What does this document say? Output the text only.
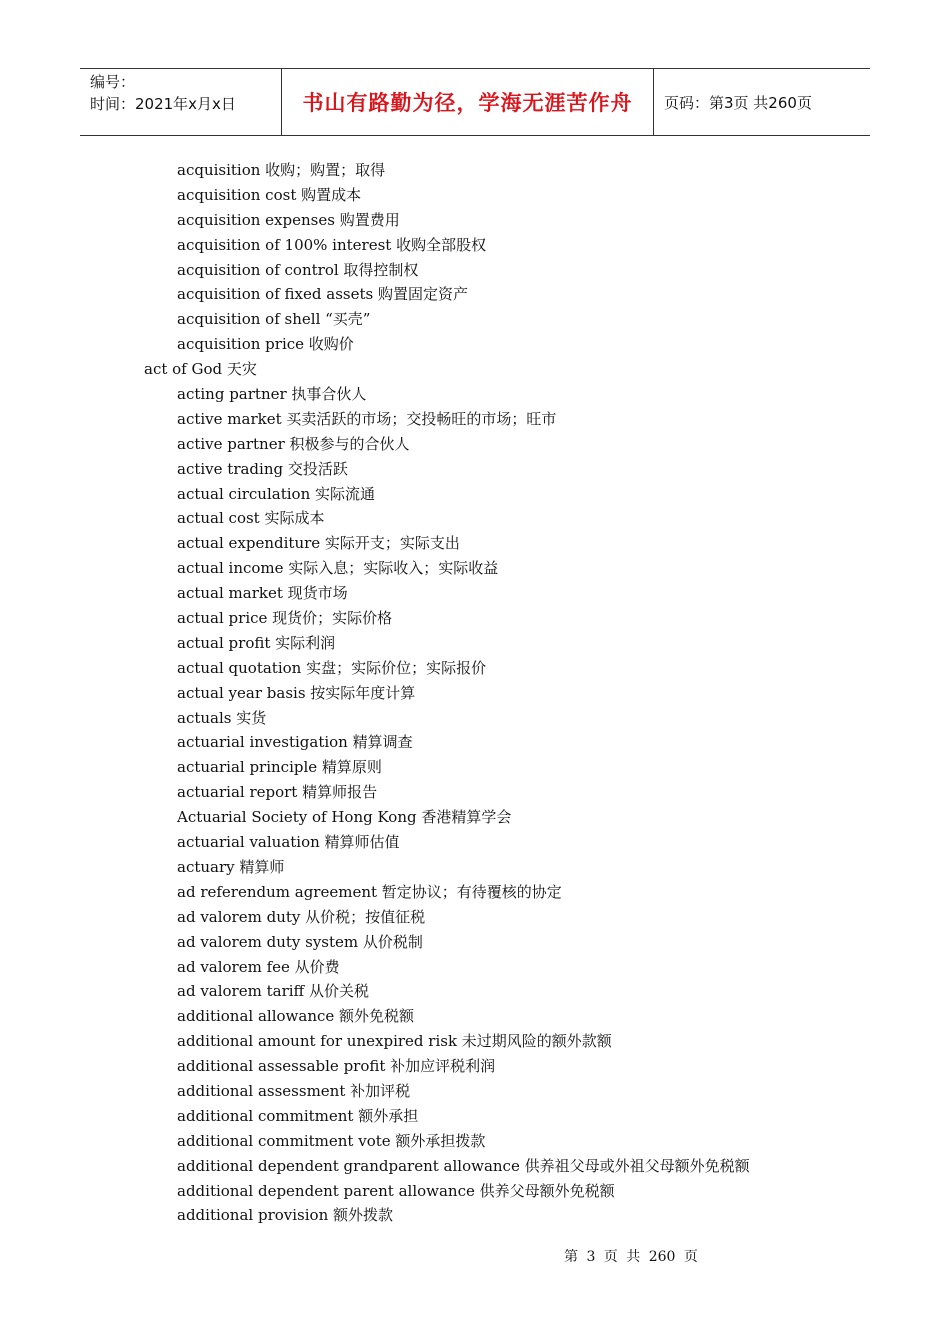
编号：
时间：2021年x月x日	书山有路勤为径，学海无涯苦作舟	页码：第3页 共260页
acquisition 收购；购置；取得
acquisition cost 购置成本
acquisition expenses 购置费用
acquisition of 100% interest 收购全部股权
acquisition of control 取得控制权
acquisition of fixed assets 购置固定资产
acquisition of shell “买壳”
acquisition price 收购价
act of God 天灾
acting partner 执事合伙人
active market 买卖活跃的市场；交投畅旺的市场；旺市
active partner 积极参与的合伙人
active trading 交投活跃
actual circulation 实际流通
actual cost 实际成本
actual expenditure 实际开支；实际支出
actual income 实际入息；实际收入；实际收益
actual market 现货市场
actual price 现货价；实际价格
actual profit 实际利润
actual quotation 实盘；实际价位；实际报价
actual year basis 按实际年度计算
actuals 实货
actuarial investigation 精算调查
actuarial principle 精算原则
actuarial report 精算师报告
Actuarial Society of Hong Kong 香港精算学会
actuarial valuation 精算师估值
actuary 精算师
ad referendum agreement 暂定协议；有待覆核的协定
ad valorem duty 从价税；按值征税
ad valorem duty system 从价税制
ad valorem fee 从价费
ad valorem tariff 从价关税
additional allowance 额外免税额
additional amount for unexpired risk 未过期风险的额外款额
additional assessable profit 补加应评税利润
additional assessment 补加评税
additional commitment 额外承担
additional commitment vote 额外承担拨款
additional dependent grandparent allowance 供养祖父母或外祖父母额外免税额
additional dependent parent allowance 供养父母额外免税额
additional provision 额外拨款
第 3 页 共 260 页
